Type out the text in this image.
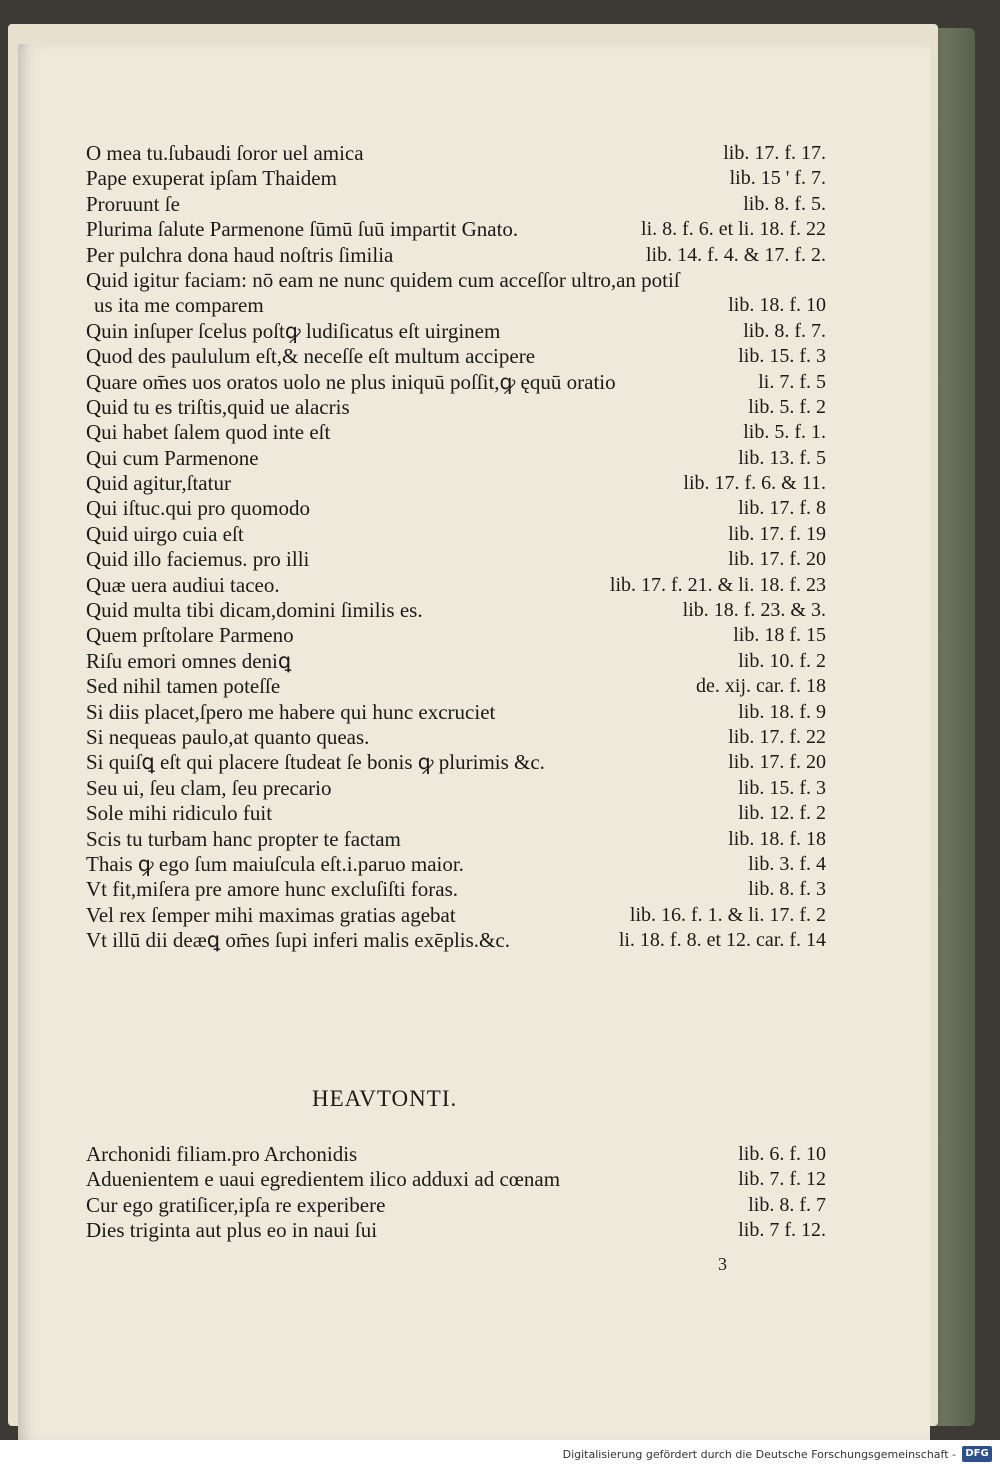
O mea tu.ſubaudi ſoror uel amica	lib. 17. f. 17.
Pape exuperat ipſam Thaidem	lib. 15 ' f. 7.
Proruunt ſe	lib. 8. f. 5.
Plurima ſalute Parmenone ſūmū ſuū impartit Gnato.	li. 8. f. 6. et li. 18. f. 22
Per pulchra dona haud noſtris ſimilia	lib. 14. f. 4. & 17. f. 2.
Quid igitur faciam: nō eam ne nunc quidem cum acceſſor ultro,an potiſ
us ita me comparem	lib. 18. f. 10
Quin inſuper ſcelus poſtꝙ ludiſicatus eſt uirginem	lib. 8. f. 7.
Quod des paululum eſt,& neceſſe eſt multum accipere	lib. 15. f. 3
Quare om̄es uos oratos uolo ne plus iniquū poſſit,ꝙ ęquū oratio	li. 7. f. 5
Quid tu es triſtis,quid ue alacris	lib. 5. f. 2
Qui habet ſalem quod inte eſt	lib. 5. f. 1.
Qui cum Parmenone	lib. 13. f. 5
Quid agitur,ſtatur	lib. 17. f. 6. & 11.
Qui iſtuc.qui pro quomodo	lib. 17. f. 8
Quid uirgo cuia eſt	lib. 17. f. 19
Quid illo faciemus. pro illi	lib. 17. f. 20
Quæ uera audiui taceo.	lib. 17. f. 21. & li. 18. f. 23
Quid multa tibi dicam,domini ſimilis es.	lib. 18. f. 23. & 3.
Quem prſtolare Parmeno	lib. 18 f. 15
Riſu emori omnes deniꝗ	lib. 10. f. 2
Sed nihil tamen poteſſe	de. xij. car. f. 18
Si diis placet,ſpero me habere qui hunc excruciet	lib. 18. f. 9
Si nequeas paulo,at quanto queas.	lib. 17. f. 22
Si quiſꝗ eſt qui placere ſtudeat ſe bonis ꝙ plurimis &c.	lib. 17. f. 20
Seu ui, ſeu clam, ſeu precario	lib. 15. f. 3
Sole mihi ridiculo fuit	lib. 12. f. 2
Scis tu turbam hanc propter te factam	lib. 18. f. 18
Thais ꝙ ego ſum maiuſcula eſt.i.paruo maior.	lib. 3. f. 4
Vt fit,miſera pre amore hunc excluſiſti foras.	lib. 8. f. 3
Vel rex ſemper mihi maximas gratias agebat	lib. 16. f. 1. & li. 17. f. 2
Vt illū dii deæꝗ om̄es ſupi inferi malis exēplis.&c.	li. 18. f. 8. et 12. car. f. 14
HEAVTONTI.
Archonidi filiam.pro Archonidis	lib. 6. f. 10
Aduenientem e uaui egredientem ilico adduxi ad cœnam	lib. 7. f. 12
Cur ego gratiſicer,ipſa re experibere	lib. 8. f. 7
Dies triginta aut plus eo in naui ſui	lib. 7 f. 12.
3
Digitalisierung gefördert durch die Deutsche Forschungsgemeinschaft - DFG
